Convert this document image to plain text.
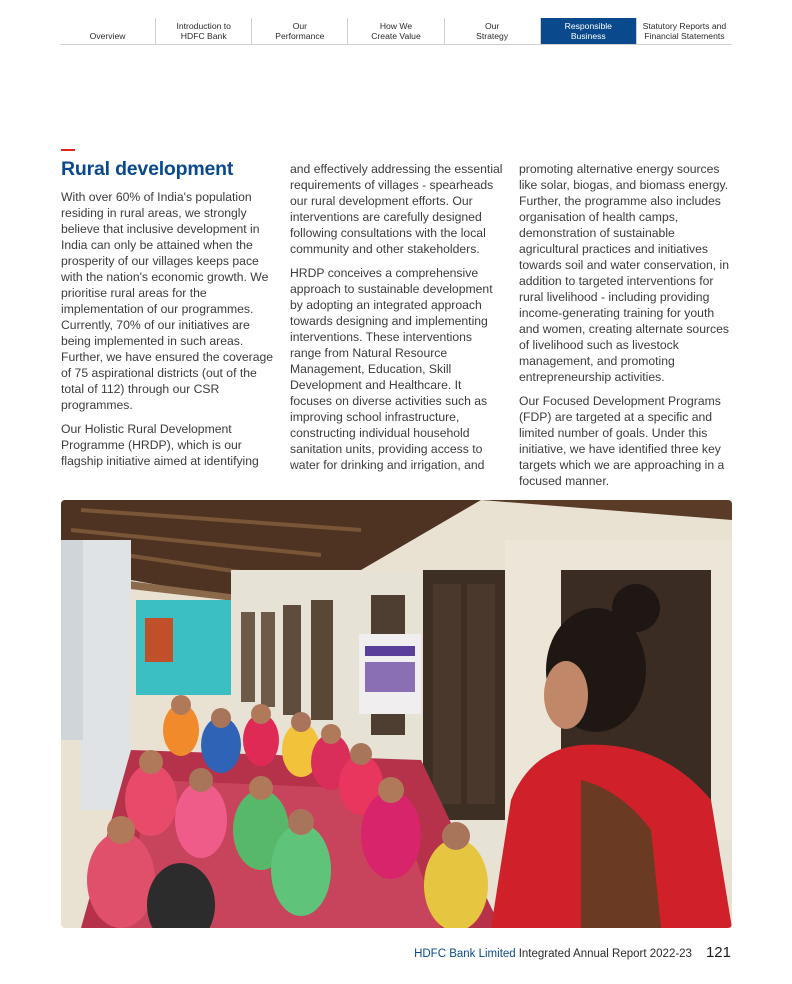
Overview
Introduction to
HDFC Bank
Our
Performance
How We
Create Value
Our
Strategy
Responsible
Business
Statutory Reports and
Financial Statements
Rural development

With over 60% of India's population residing in rural areas, we strongly believe that inclusive development in India can only be attained when the prosperity of our villages keeps pace with the nation's economic growth. We prioritise rural areas for the implementation of our programmes. Currently, 70% of our initiatives are being implemented in such areas. Further, we have ensured the coverage of 75 aspirational districts (out of the total of 112) through our CSR programmes.

Our Holistic Rural Development Programme (HRDP), which is our flagship initiative aimed at identifying

and effectively addressing the essential requirements of villages - spearheads our rural development efforts. Our interventions are carefully designed following consultations with the local community and other stakeholders.

HRDP conceives a comprehensive approach to sustainable development by adopting an integrated approach towards designing and implementing interventions. These interventions range from Natural Resource Management, Education, Skill Development and Healthcare. It focuses on diverse activities such as improving school infrastructure, constructing individual household sanitation units, providing access to water for drinking and irrigation, and

promoting alternative energy sources like solar, biogas, and biomass energy. Further, the programme also includes organisation of health camps, demonstration of sustainable agricultural practices and initiatives towards soil and water conservation, in addition to targeted interventions for rural livelihood - including providing income-generating training for youth and women, creating alternate sources of livelihood such as livestock management, and promoting entrepreneurship activities.

Our Focused Development Programs (FDP) are targeted at a specific and limited number of goals. Under this initiative, we have identified three key targets which we are approaching in a focused manner.

HDFC Bank Limited Integrated Annual Report 2022-23 121
